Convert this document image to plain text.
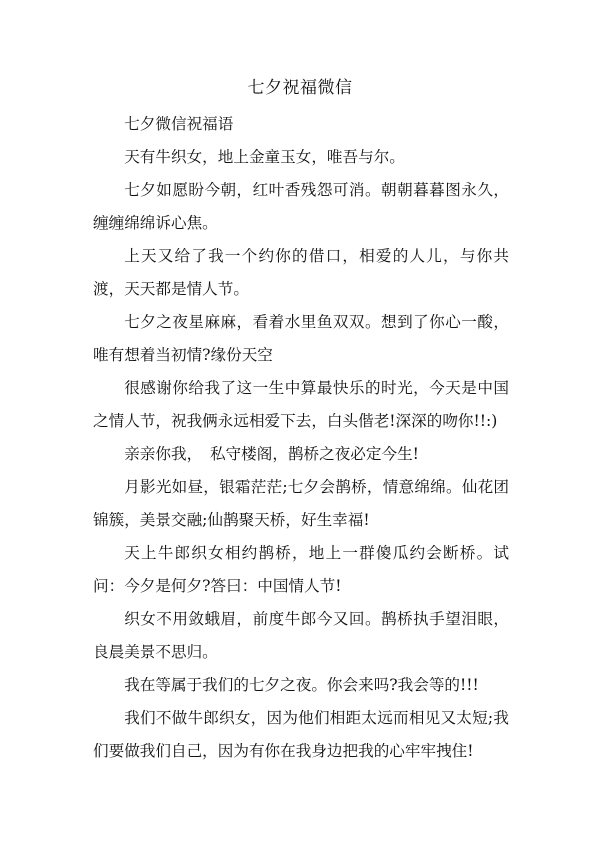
七夕祝福微信

七夕微信祝福语

天有牛织女，地上金童玉女，唯吾与尔。

七夕如愿盼今朝，红叶香残怨可消。朝朝暮暮图永久，缠缠绵绵诉心焦。

上天又给了我一个约你的借口，相爱的人儿，与你共渡，天天都是情人节。

七夕之夜星麻麻，看着水里鱼双双。想到了你心一酸，唯有想着当初情?缘份天空

很感谢你给我了这一生中算最快乐的时光，今天是中国之情人节，祝我俩永远相爱下去，白头偕老!深深的吻你!!:)

亲亲你我，　私守楼阁，鹊桥之夜必定今生!

月影光如昼，银霜茫茫;七夕会鹊桥，情意绵绵。仙花团锦簇，美景交融;仙鹊聚天桥，好生幸福!

天上牛郎织女相约鹊桥，地上一群傻瓜约会断桥。试问：今夕是何夕?答曰：中国情人节!

织女不用敛蛾眉，前度牛郎今又回。鹊桥执手望泪眼，良晨美景不思归。

我在等属于我们的七夕之夜。你会来吗?我会等的!!!

我们不做牛郎织女，因为他们相距太远而相见又太短;我们要做我们自己，因为有你在我身边把我的心牢牢拽住!
